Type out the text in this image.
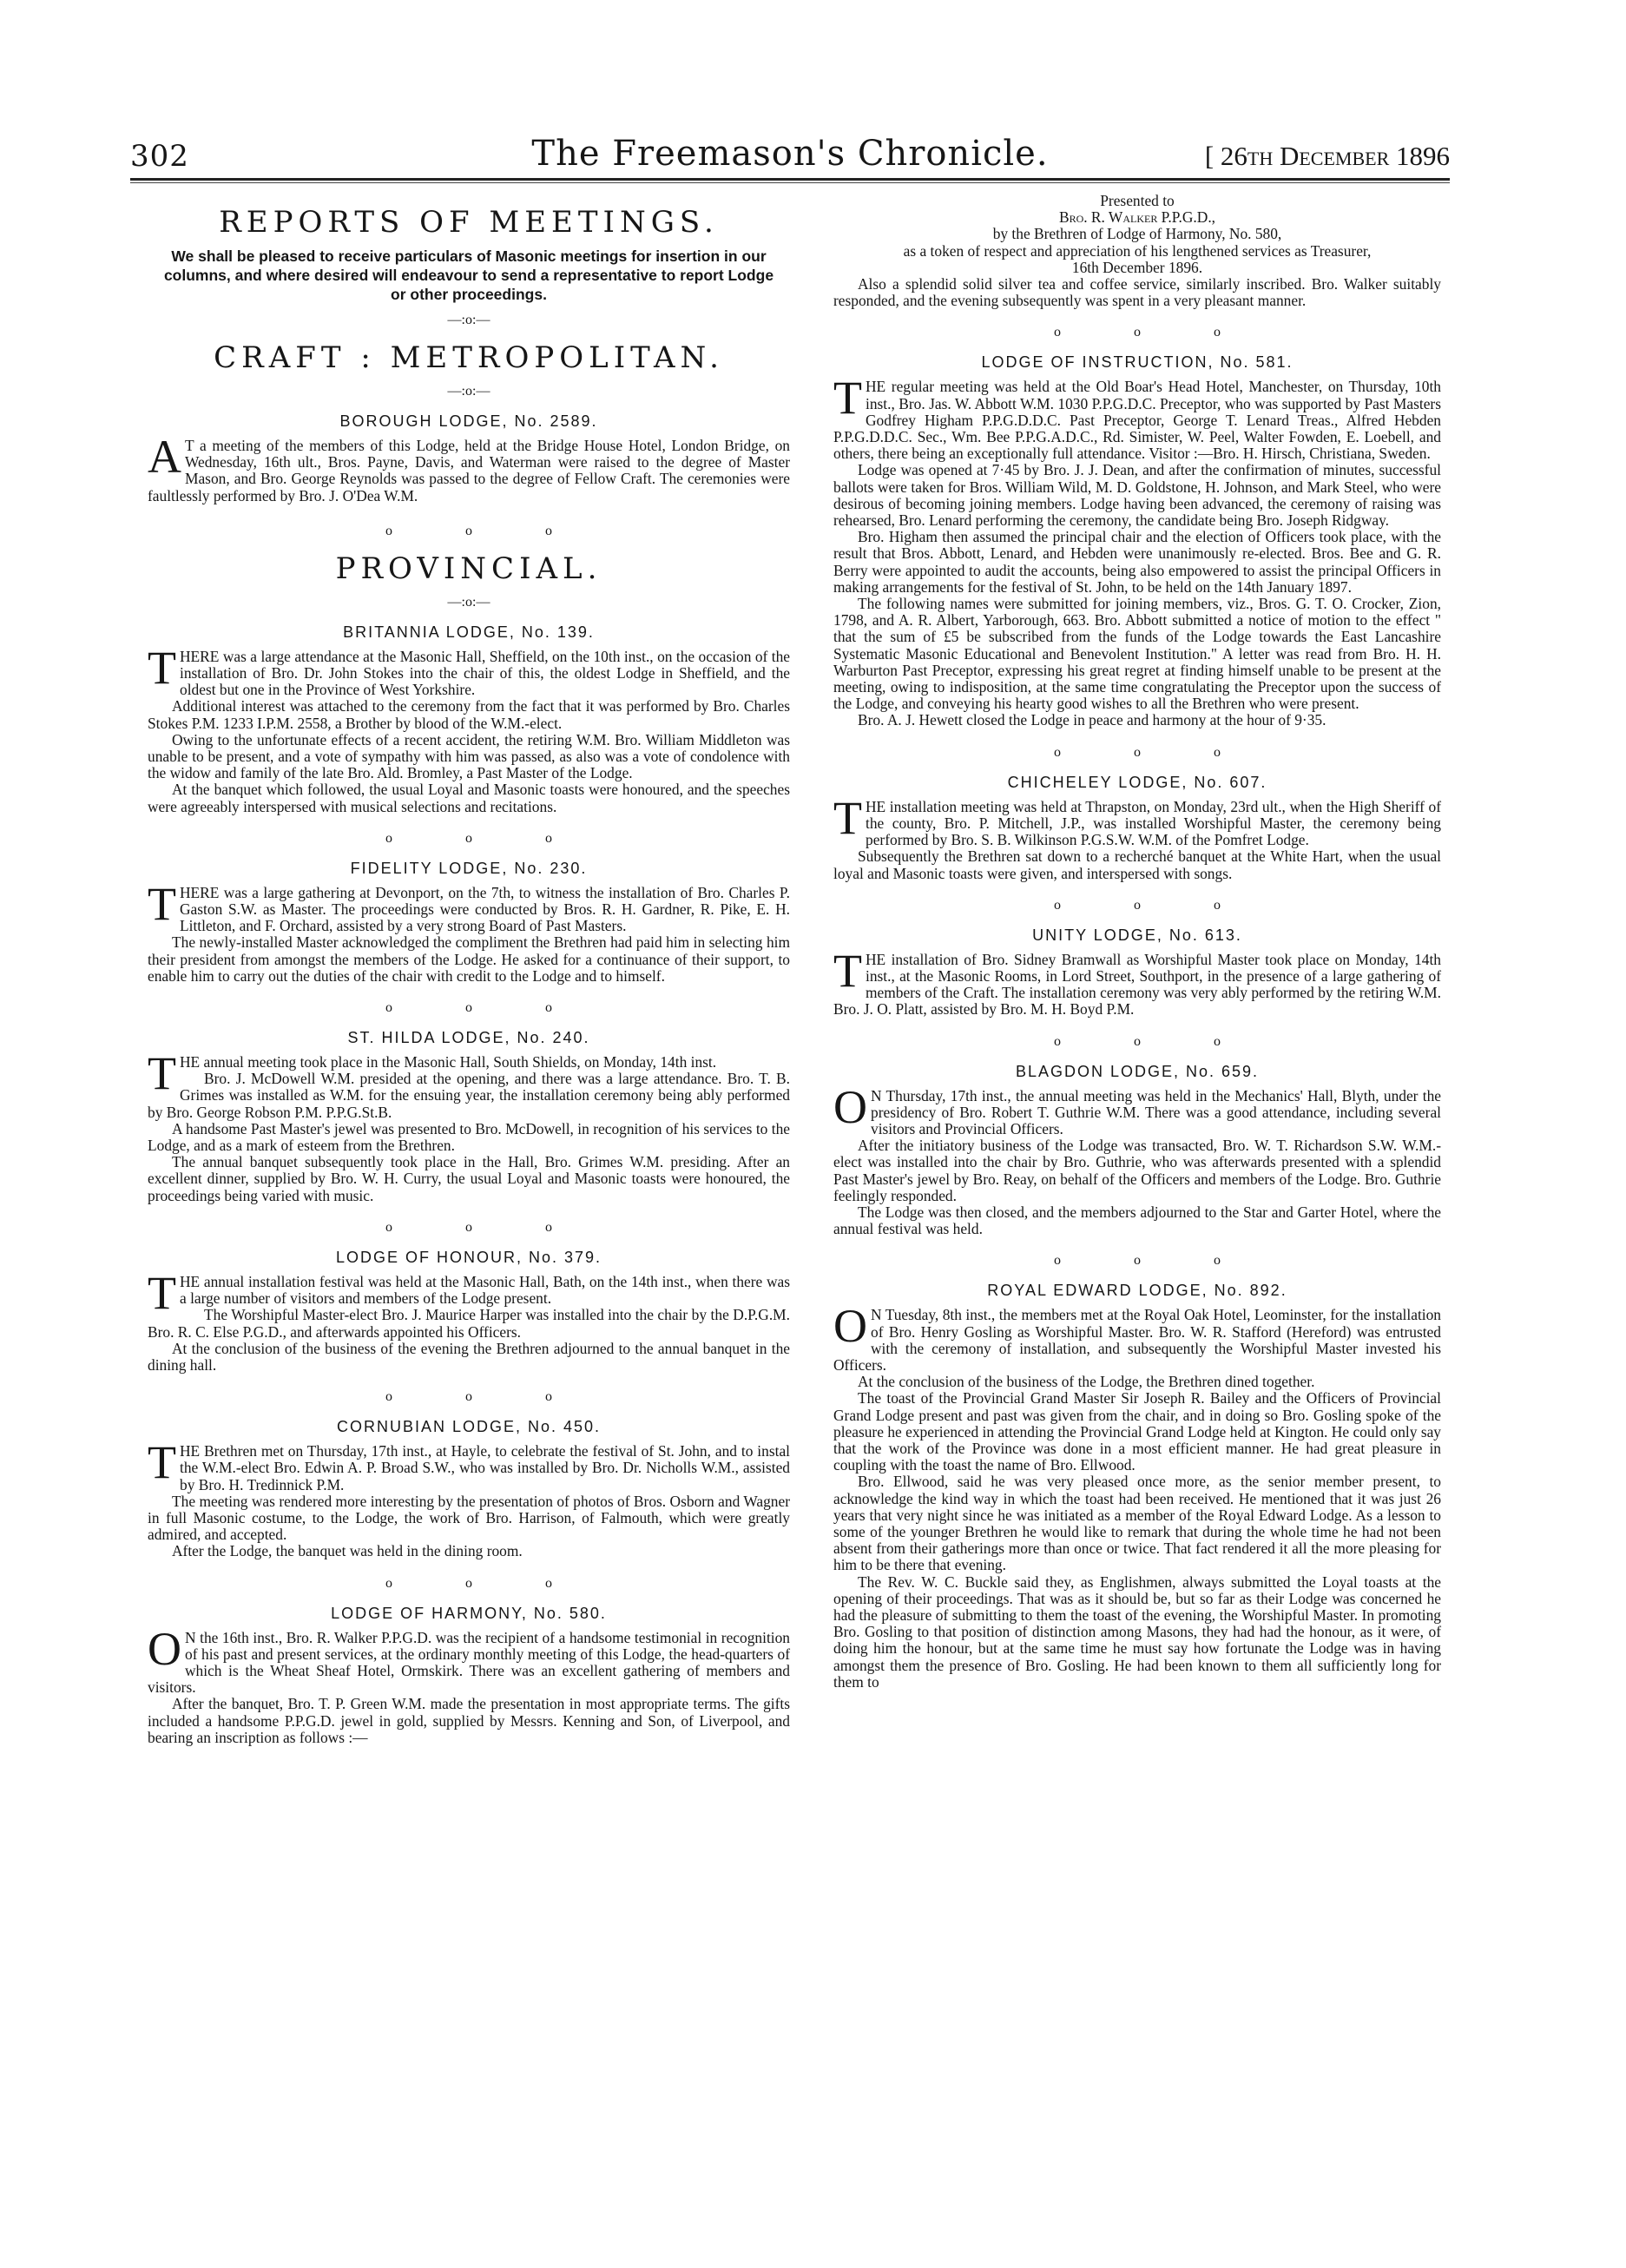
302	The Freemason's Chronicle.	[ 26th December 1896
REPORTS OF MEETINGS.
We shall be pleased to receive particulars of Masonic meetings for insertion in our columns, and where desired will endeavour to send a representative to report Lodge or other proceedings.
—:o:—
CRAFT : METROPOLITAN.
—:o:—
BOROUGH LODGE, No. 2589.

A T a meeting of the members of this Lodge, held at the Bridge House Hotel, London Bridge, on Wednesday, 16th ult., Bros. Payne, Davis, and Waterman were raised to the degree of Master Mason, and Bro. George Reynolds was passed to the degree of Fellow Craft. The ceremonies were faultlessly performed by Bro. J. O'Dea W.M.

o o o
PROVINCIAL.
—:o:—
BRITANNIA LODGE, No. 139.

THERE was a large attendance at the Masonic Hall, Sheffield, on the 10th inst., on the occasion of the installation of Bro. Dr. John Stokes into the chair of this, the oldest Lodge in Sheffield, and the oldest but one in the Province of West Yorkshire.

Additional interest was attached to the ceremony from the fact that it was performed by Bro. Charles Stokes P.M. 1233 I.P.M. 2558, a Brother by blood of the W.M.-elect.

Owing to the unfortunate effects of a recent accident, the retiring W.M. Bro. William Middleton was unable to be present, and a vote of sympathy with him was passed, as also was a vote of condolence with the widow and family of the late Bro. Ald. Bromley, a Past Master of the Lodge.

At the banquet which followed, the usual Loyal and Masonic toasts were honoured, and the speeches were agreeably interspersed with musical selections and recitations.

o o o
FIDELITY LODGE, No. 230.

THERE was a large gathering at Devonport, on the 7th, to witness the installation of Bro. Charles P. Gaston S.W. as Master. The proceedings were conducted by Bros. R. H. Gardner, R. Pike, E. H. Littleton, and F. Orchard, assisted by a very strong Board of Past Masters.

The newly-installed Master acknowledged the compliment the Brethren had paid him in selecting him their president from amongst the members of the Lodge. He asked for a continuance of their support, to enable him to carry out the duties of the chair with credit to the Lodge and to himself.

o o o
ST. HILDA LODGE, No. 240.

THE annual meeting took place in the Masonic Hall, South Shields, on Monday, 14th inst.

Bro. J. McDowell W.M. presided at the opening, and there was a large attendance. Bro. T. B. Grimes was installed as W.M. for the ensuing year, the installation ceremony being ably performed by Bro. George Robson P.M. P.P.G.St.B.

A handsome Past Master's jewel was presented to Bro. McDowell, in recognition of his services to the Lodge, and as a mark of esteem from the Brethren.

The annual banquet subsequently took place in the Hall, Bro. Grimes W.M. presiding. After an excellent dinner, supplied by Bro. W. H. Curry, the usual Loyal and Masonic toasts were honoured, the proceedings being varied with music.

o o o
LODGE OF HONOUR, No. 379.

THE annual installation festival was held at the Masonic Hall, Bath, on the 14th inst., when there was a large number of visitors and members of the Lodge present.

The Worshipful Master-elect Bro. J. Maurice Harper was installed into the chair by the D.P.G.M. Bro. R. C. Else P.G.D., and afterwards appointed his Officers.

At the conclusion of the business of the evening the Brethren adjourned to the annual banquet in the dining hall.

o o o
CORNUBIAN LODGE, No. 450.

THE Brethren met on Thursday, 17th inst., at Hayle, to celebrate the festival of St. John, and to instal the W.M.-elect Bro. Edwin A. P. Broad S.W., who was installed by Bro. Dr. Nicholls W.M., assisted by Bro. H. Tredinnick P.M.

The meeting was rendered more interesting by the presentation of photos of Bros. Osborn and Wagner in full Masonic costume, to the Lodge, the work of Bro. Harrison, of Falmouth, which were greatly admired, and accepted.

After the Lodge, the banquet was held in the dining room.

o o o
LODGE OF HARMONY, No. 580.

O N the 16th inst., Bro. R. Walker P.P.G.D. was the recipient of a handsome testimonial in recognition of his past and present services, at the ordinary monthly meeting of this Lodge, the head-quarters of which is the Wheat Sheaf Hotel, Ormskirk. There was an excellent gathering of members and visitors.

After the banquet, Bro. T. P. Green W.M. made the presentation in most appropriate terms. The gifts included a handsome P.P.G.D. jewel in gold, supplied by Messrs. Kenning and Son, of Liverpool, and bearing an inscription as follows :—

Presented to

Bro. R. Walker P.P.G.D.,

by the Brethren of Lodge of Harmony, No. 580,

as a token of respect and appreciation of his lengthened services as Treasurer,

16th December 1896.

Also a splendid solid silver tea and coffee service, similarly inscribed. Bro. Walker suitably responded, and the evening subsequently was spent in a very pleasant manner.

o o o
LODGE OF INSTRUCTION, No. 581.

THE regular meeting was held at the Old Boar's Head Hotel, Manchester, on Thursday, 10th inst., Bro. Jas. W. Abbott W.M. 1030 P.P.G.D.C. Preceptor, who was supported by Past Masters Godfrey Higham P.P.G.D.D.C. Past Preceptor, George T. Lenard Treas., Alfred Hebden P.P.G.D.D.C. Sec., Wm. Bee P.P.G.A.D.C., Rd. Simister, W. Peel, Walter Fowden, E. Loebell, and others, there being an exceptionally full attendance. Visitor :—Bro. H. Hirsch, Christiana, Sweden.

Lodge was opened at 7·45 by Bro. J. J. Dean, and after the confirmation of minutes, successful ballots were taken for Bros. William Wild, M. D. Goldstone, H. Johnson, and Mark Steel, who were desirous of becoming joining members. Lodge having been advanced, the ceremony of raising was rehearsed, Bro. Lenard performing the ceremony, the candidate being Bro. Joseph Ridgway.

Bro. Higham then assumed the principal chair and the election of Officers took place, with the result that Bros. Abbott, Lenard, and Hebden were unanimously re-elected. Bros. Bee and G. R. Berry were appointed to audit the accounts, being also empowered to assist the principal Officers in making arrangements for the festival of St. John, to be held on the 14th January 1897.

The following names were submitted for joining members, viz., Bros. G. T. O. Crocker, Zion, 1798, and A. R. Albert, Yarborough, 663. Bro. Abbott submitted a notice of motion to the effect " that the sum of £5 be subscribed from the funds of the Lodge towards the East Lancashire Systematic Masonic Educational and Benevolent Institution." A letter was read from Bro. H. H. Warburton Past Preceptor, expressing his great regret at finding himself unable to be present at the meeting, owing to indisposition, at the same time congratulating the Preceptor upon the success of the Lodge, and conveying his hearty good wishes to all the Brethren who were present.

Bro. A. J. Hewett closed the Lodge in peace and harmony at the hour of 9·35.

o o o
CHICHELEY LODGE, No. 607.

THE installation meeting was held at Thrapston, on Monday, 23rd ult., when the High Sheriff of the county, Bro. P. Mitchell, J.P., was installed Worshipful Master, the ceremony being performed by Bro. S. B. Wilkinson P.G.S.W. W.M. of the Pomfret Lodge.

Subsequently the Brethren sat down to a recherché banquet at the White Hart, when the usual loyal and Masonic toasts were given, and interspersed with songs.

o o o
UNITY LODGE, No. 613.

THE installation of Bro. Sidney Bramwall as Worshipful Master took place on Monday, 14th inst., at the Masonic Rooms, in Lord Street, Southport, in the presence of a large gathering of members of the Craft. The installation ceremony was very ably performed by the retiring W.M. Bro. J. O. Platt, assisted by Bro. M. H. Boyd P.M.

o o o
BLAGDON LODGE, No. 659.

O N Thursday, 17th inst., the annual meeting was held in the Mechanics' Hall, Blyth, under the presidency of Bro. Robert T. Guthrie W.M. There was a good attendance, including several visitors and Provincial Officers.

After the initiatory business of the Lodge was transacted, Bro. W. T. Richardson S.W. W.M.-elect was installed into the chair by Bro. Guthrie, who was afterwards presented with a splendid Past Master's jewel by Bro. Reay, on behalf of the Officers and members of the Lodge. Bro. Guthrie feelingly responded.

The Lodge was then closed, and the members adjourned to the Star and Garter Hotel, where the annual festival was held.

o o o
ROYAL EDWARD LODGE, No. 892.

O N Tuesday, 8th inst., the members met at the Royal Oak Hotel, Leominster, for the installation of Bro. Henry Gosling as Worshipful Master. Bro. W. R. Stafford (Hereford) was entrusted with the ceremony of installation, and subsequently the Worshipful Master invested his Officers.

At the conclusion of the business of the Lodge, the Brethren dined together.

The toast of the Provincial Grand Master Sir Joseph R. Bailey and the Officers of Provincial Grand Lodge present and past was given from the chair, and in doing so Bro. Gosling spoke of the pleasure he experienced in attending the Provincial Grand Lodge held at Kington. He could only say that the work of the Province was done in a most efficient manner. He had great pleasure in coupling with the toast the name of Bro. Ellwood.

Bro. Ellwood, said he was very pleased once more, as the senior member present, to acknowledge the kind way in which the toast had been received. He mentioned that it was just 26 years that very night since he was initiated as a member of the Royal Edward Lodge. As a lesson to some of the younger Brethren he would like to remark that during the whole time he had not been absent from their gatherings more than once or twice. That fact rendered it all the more pleasing for him to be there that evening.

The Rev. W. C. Buckle said they, as Englishmen, always submitted the Loyal toasts at the opening of their proceedings. That was as it should be, but so far as their Lodge was concerned he had the pleasure of submitting to them the toast of the evening, the Worshipful Master. In promoting Bro. Gosling to that position of distinction among Masons, they had had the honour, as it were, of doing him the honour, but at the same time he must say how fortunate the Lodge was in having amongst them the presence of Bro. Gosling. He had been known to them all sufficiently long for them to
